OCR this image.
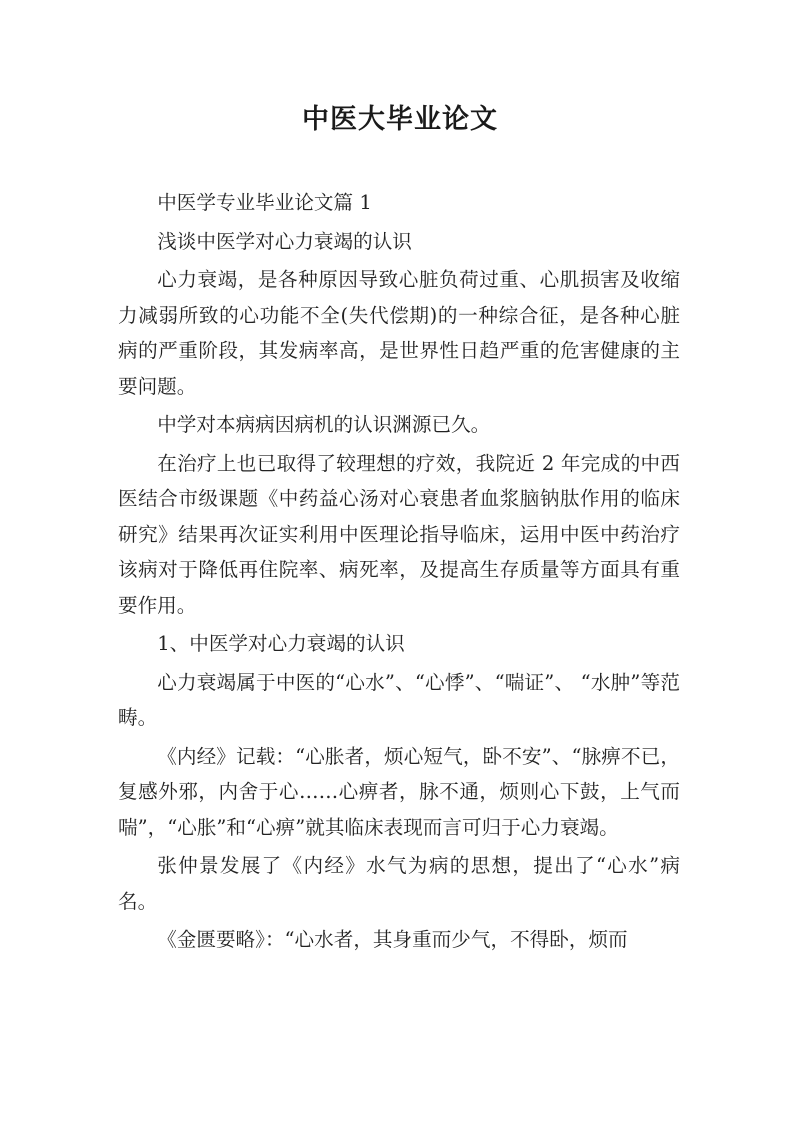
中医大毕业论文

中医学专业毕业论文篇 1

浅谈中医学对心力衰竭的认识

心力衰竭，是各种原因导致心脏负荷过重、心肌损害及收缩力减弱所致的心功能不全(失代偿期)的一种综合征，是各种心脏病的严重阶段，其发病率高，是世界性日趋严重的危害健康的主要问题。

中学对本病病因病机的认识渊源已久。

在治疗上也已取得了较理想的疗效，我院近 2 年完成的中西医结合市级课题《中药益心汤对心衰患者血浆脑钠肽作用的临床研究》结果再次证实利用中医理论指导临床，运用中医中药治疗该病对于降低再住院率、病死率，及提高生存质量等方面具有重要作用。

1、中医学对心力衰竭的认识

心力衰竭属于中医的“心水”、“心悸”、“喘证”、 “水肿”等范畴。

《内经》记载：“心胀者，烦心短气，卧不安”、“脉痹不已，复感外邪，内舍于心……心痹者，脉不通，烦则心下鼓，上气而喘”，“心胀”和“心痹”就其临床表现而言可归于心力衰竭。

张仲景发展了《内经》水气为病的思想，提出了“心水”病名。

《金匮要略》：“心水者，其身重而少气，不得卧，烦而
